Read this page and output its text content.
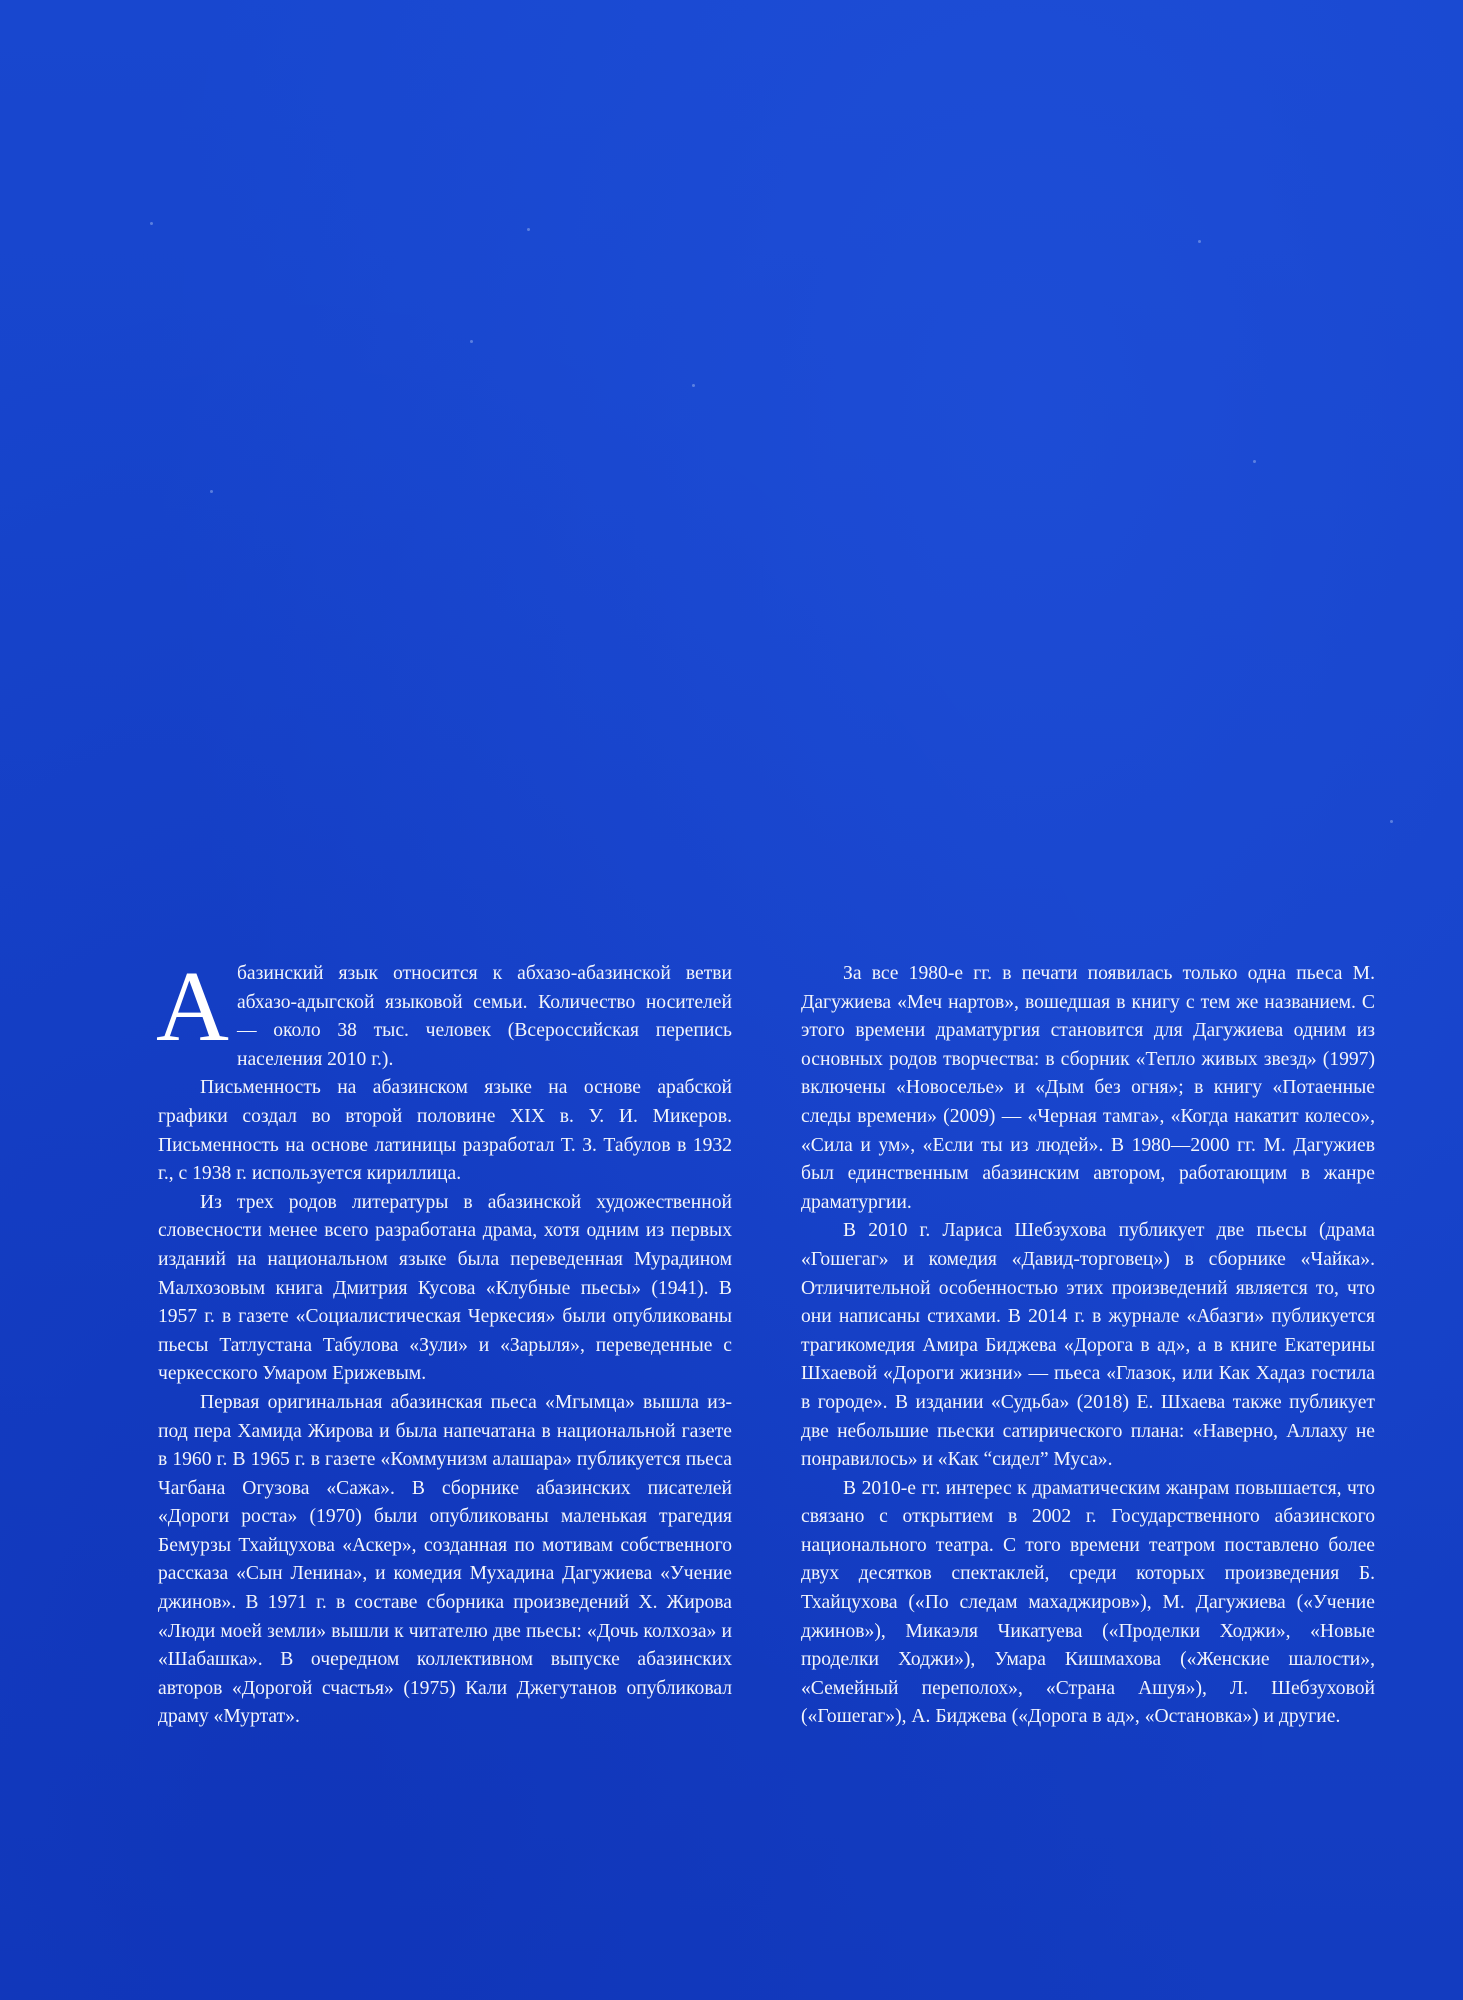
Абазинский язык относится к абхазо-абазинской ветви абхазо-адыгской языковой семьи. Количество носителей — около 38 тыс. человек (Всероссийская перепись населения 2010 г.).

Письменность на абазинском языке на основе арабской графики создал во второй половине XIX в. У. И. Микеров. Письменность на основе латиницы разработал Т. З. Табулов в 1932 г., с 1938 г. используется кириллица.

Из трех родов литературы в абазинской художественной словесности менее всего разработана драма, хотя одним из первых изданий на национальном языке была переведенная Мурадином Малхозовым книга Дмитрия Кусова «Клубные пьесы» (1941). В 1957 г. в газете «Социалистическая Черкесия» были опубликованы пьесы Татлустана Табулова «Зули» и «Зарыля», переведенные с черкесского Умаром Ерижевым.

Первая оригинальная абазинская пьеса «Мгымца» вышла из-под пера Хамида Жирова и была напечатана в национальной газете в 1960 г. В 1965 г. в газете «Коммунизм алашара» публикуется пьеса Чагбана Огузова «Сажа». В сборнике абазинских писателей «Дороги роста» (1970) были опубликованы маленькая трагедия Бемурзы Тхайцухова «Аскер», созданная по мотивам собственного рассказа «Сын Ленина», и комедия Мухадина Дагужиева «Учение джинов». В 1971 г. в составе сборника произведений Х. Жирова «Люди моей земли» вышли к читателю две пьесы: «Дочь колхоза» и «Шабашка». В очередном коллективном выпуске абазинских авторов «Дорогой счастья» (1975) Кали Джегутанов опубликовал драму «Муртат».

За все 1980-е гг. в печати появилась только одна пьеса М. Дагужиева «Меч нартов», вошедшая в книгу с тем же названием. С этого времени драматургия становится для Дагужиева одним из основных родов творчества: в сборник «Тепло живых звезд» (1997) включены «Новоселье» и «Дым без огня»; в книгу «Потаенные следы времени» (2009) — «Черная тамга», «Когда накатит колесо», «Сила и ум», «Если ты из людей». В 1980—2000 гг. М. Дагужиев был единственным абазинским автором, работающим в жанре драматургии.

В 2010 г. Лариса Шебзухова публикует две пьесы (драма «Гошегаг» и комедия «Давид-торговец») в сборнике «Чайка». Отличительной особенностью этих произведений является то, что они написаны стихами. В 2014 г. в журнале «Абазги» публикуется трагикомедия Амира Биджева «Дорога в ад», а в книге Екатерины Шхаевой «Дороги жизни» — пьеса «Глазок, или Как Хадаз гостила в городе». В издании «Судьба» (2018) Е. Шхаева также публикует две небольшие пьески сатирического плана: «Наверно, Аллаху не понравилось» и «Как “сидел” Муса».

В 2010-е гг. интерес к драматическим жанрам повышается, что связано с открытием в 2002 г. Государственного абазинского национального театра. С того времени театром поставлено более двух десятков спектаклей, среди которых произведения Б. Тхайцухова («По следам махаджиров»), М. Дагужиева («Учение джинов»), Микаэля Чикатуева («Проделки Ходжи», «Новые проделки Ходжи»), Умара Кишмахова («Женские шалости», «Семейный переполох», «Страна Ашуя»), Л. Шебзуховой («Гошегаг»), А. Биджева («Дорога в ад», «Остановка») и другие.
